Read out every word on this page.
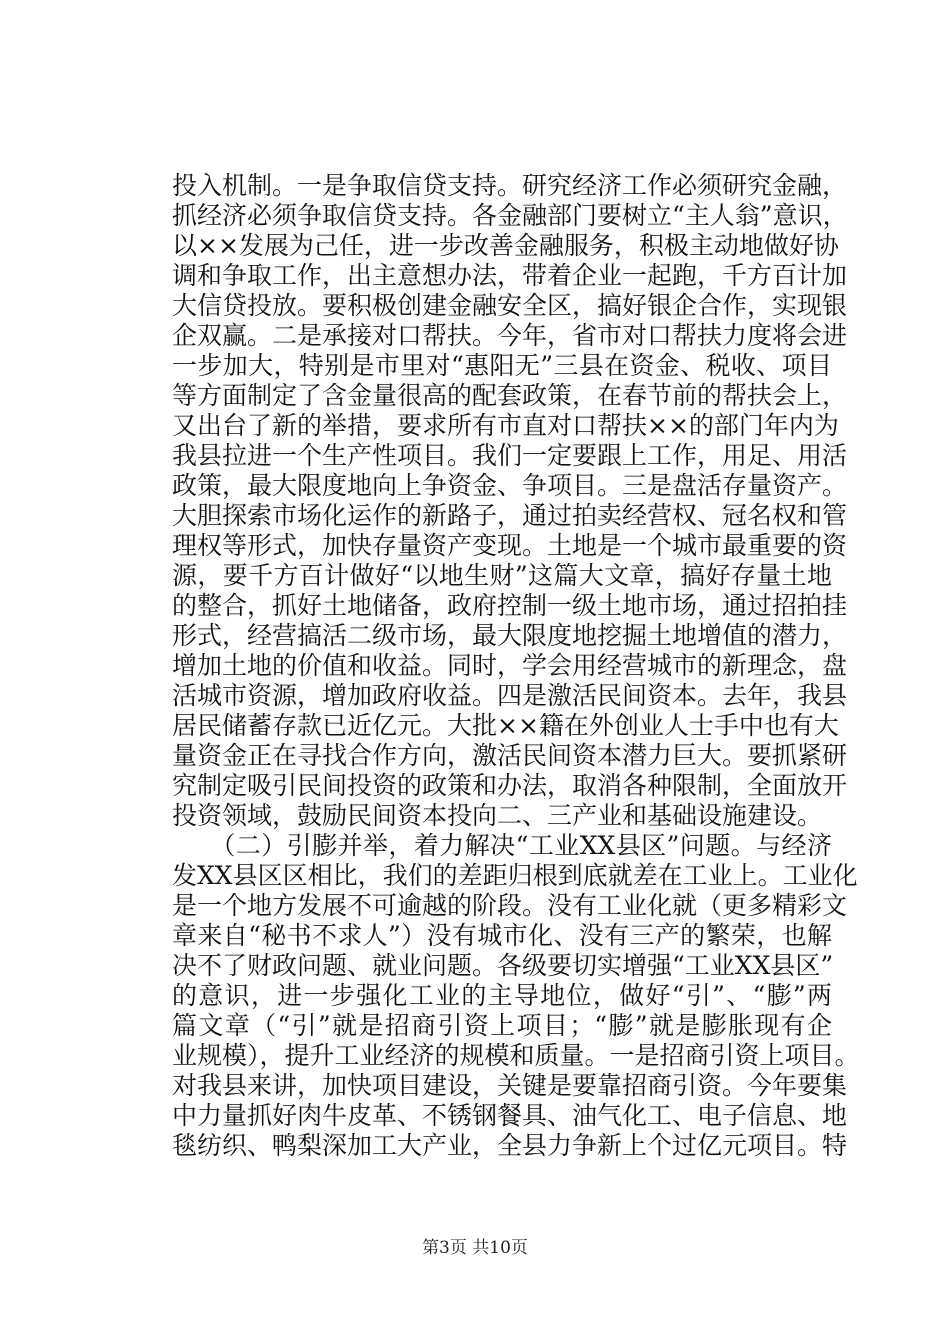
投入机制。一是争取信贷支持。研究经济工作必须研究金融，
抓经济必须争取信贷支持。各金融部门要树立“主人翁”意识，
以××发展为己任，进一步改善金融服务，积极主动地做好协
调和争取工作，出主意想办法，带着企业一起跑，千方百计加
大信贷投放。要积极创建金融安全区，搞好银企合作，实现银
企双赢。二是承接对口帮扶。今年，省市对口帮扶力度将会进
一步加大，特别是市里对“惠阳无”三县在资金、税收、项目
等方面制定了含金量很高的配套政策，在春节前的帮扶会上，
又出台了新的举措，要求所有市直对口帮扶××的部门年内为
我县拉进一个生产性项目。我们一定要跟上工作，用足、用活
政策，最大限度地向上争资金、争项目。三是盘活存量资产。
大胆探索市场化运作的新路子，通过拍卖经营权、冠名权和管
理权等形式，加快存量资产变现。土地是一个城市最重要的资
源，要千方百计做好“以地生财”这篇大文章，搞好存量土地
的整合，抓好土地储备，政府控制一级土地市场，通过招拍挂
形式，经营搞活二级市场，最大限度地挖掘土地增值的潜力，
增加土地的价值和收益。同时，学会用经营城市的新理念，盘
活城市资源，增加政府收益。四是激活民间资本。去年，我县
居民储蓄存款已近亿元。大批××籍在外创业人士手中也有大
量资金正在寻找合作方向，激活民间资本潜力巨大。要抓紧研
究制定吸引民间投资的政策和办法，取消各种限制，全面放开
投资领域，鼓励民间资本投向二、三产业和基础设施建设。
　　（二）引膨并举，着力解决“工业XX县区”问题。与经济
发XX县区区相比，我们的差距归根到底就差在工业上。工业化
是一个地方发展不可逾越的阶段。没有工业化就（更多精彩文
章来自“秘书不求人”）没有城市化、没有三产的繁荣，也解
决不了财政问题、就业问题。各级要切实增强“工业XX县区”
的意识，进一步强化工业的主导地位，做好“引”、“膨”两
篇文章（“引”就是招商引资上项目；“膨”就是膨胀现有企
业规模），提升工业经济的规模和质量。一是招商引资上项目。
对我县来讲，加快项目建设，关键是要靠招商引资。今年要集
中力量抓好肉牛皮革、不锈钢餐具、油气化工、电子信息、地
毯纺织、鸭梨深加工大产业，全县力争新上个过亿元项目。特
第3页 共10页
